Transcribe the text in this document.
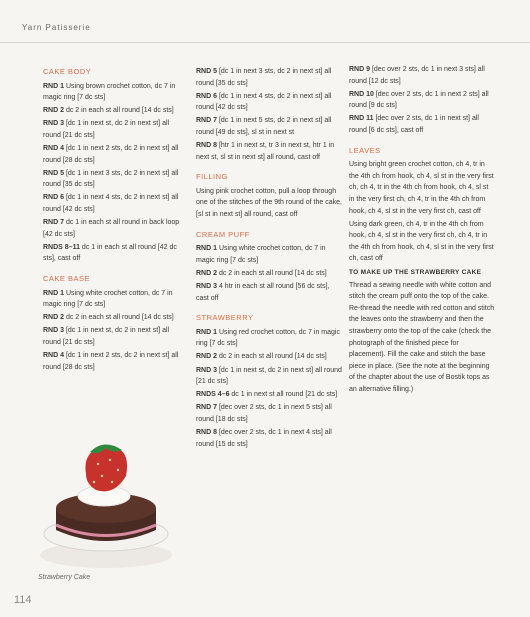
Yarn Patisserie

CAKE BODY

RND 1 Using brown crochet cotton, dc 7 in magic ring [7 dc sts]

RND 2 dc 2 in each st all round [14 dc sts]

RND 3 [dc 1 in next st, dc 2 in next st] all round [21 dc sts]

RND 4 [dc 1 in next 2 sts, dc 2 in next st] all round [28 dc sts]

RND 5 [dc 1 in next 3 sts, dc 2 in next st] all round [35 dc sts]

RND 6 [dc 1 in next 4 sts, dc 2 in next st] all round [42 dc sts]

RND 7 dc 1 in each st all round in back loop [42 dc sts]

RNDS 8–11 dc 1 in each st all round [42 dc sts], cast off

CAKE BASE

RND 1 Using white crochet cotton, dc 7 in magic ring [7 dc sts]

RND 2 dc 2 in each st all round [14 dc sts]

RND 3 [dc 1 in next st, dc 2 in next st] all round [21 dc sts]

RND 4 [dc 1 in next 2 sts, dc 2 in next st] all round [28 dc sts]

RND 5 [dc 1 in next 3 sts, dc 2 in next st] all round [35 dc sts]

RND 6 [dc 1 in next 4 sts, dc 2 in next st] all round [42 dc sts]

RND 7 [dc 1 in next 5 sts, dc 2 in next st] all round [49 dc sts], sl st in next st

RND 8 [htr 1 in next st, tr 3 in next st, htr 1 in next st, sl st in next st] all round, cast off

FILLING

Using pink crochet cotton, pull a loop through one of the stitches of the 9th round of the cake, [sl st in next st] all round, cast off

CREAM PUFF

RND 1 Using white crochet cotton, dc 7 in magic ring [7 dc sts]

RND 2 dc 2 in each st all round [14 dc sts]

RND 3 4 htr in each st all round [56 dc sts], cast off

STRAWBERRY

RND 1 Using red crochet cotton, dc 7 in magic ring [7 dc sts]

RND 2 dc 2 in each st all round [14 dc sts]

RND 3 [dc 1 in next st, dc 2 in next st] all round [21 dc sts]

RNDS 4–6 dc 1 in next st all round [21 dc sts]

RND 7 [dec over 2 sts, dc 1 in next 5 sts] all round [18 dc sts]

RND 8 [dec over 2 sts, dc 1 in next 4 sts] all round [15 dc sts]

RND 9 [dec over 2 sts, dc 1 in next 3 sts] all round [12 dc sts]

RND 10 [dec over 2 sts, dc 1 in next 2 sts] all round [9 dc sts]

RND 11 [dec over 2 sts, dc 1 in next st] all round [6 dc sts], cast off

LEAVES

Using bright green crochet cotton, ch 4, tr in the 4th ch from hook, ch 4, sl st in the very first ch, ch 4, tr in the 4th ch from hook, ch 4, sl st in the very first ch, ch 4, tr in the 4th ch from hook, ch 4, sl st in the very first ch, cast off

Using dark green, ch 4, tr in the 4th ch from hook, ch 4, sl st in the very first ch, ch 4, tr in the 4th ch from hook, ch 4, sl st in the very first ch, cast off

TO MAKE UP THE STRAWBERRY CAKE

Thread a sewing needle with white cotton and stitch the cream puff onto the top of the cake. Re-thread the needle with red cotton and stitch the leaves onto the strawberry and then the strawberry onto the top of the cake (check the photograph of the finished piece for placement). Fill the cake and stitch the base piece in place. (See the note at the beginning of the chapter about the use of Bostik tops as an alternative filling.)

Strawberry Cake
114
